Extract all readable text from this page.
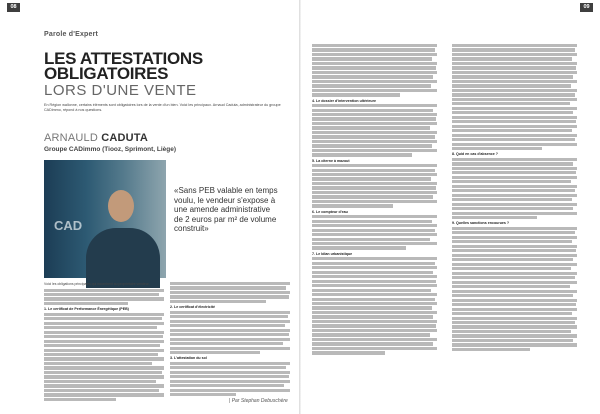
08
Parole d'Expert
LES ATTESTATIONS
OBLIGATOIRES
LORS D'UNE VENTE
En Région wallonne, certains éléments sont obligatoires lors de la vente d'un bien. Voici les principaux. Arnaud Caduta, administrateur du groupe CADimmo, répond à nos questions.
ARNAULD CADUTA
Groupe CADimmo (Tiooz, Sprimont, Liège)
CAD
«Sans PEB valable en temps voulu, le vendeur s'expose à une amende administrative de 2 euros par m² de volume construit»

Voici les obligations principales qui incombent au propriétaire vendeur.

1. Le certificat de Performance Énergétique (PEB)
2. Le certificat d'électricité
3. L'attestation du sol
09
4. Le dossier d'intervention ultérieure
5. La citerne à mazout
6. Le compteur d'eau
7. Le bilan urbanistique
8. Quid en cas d'absence ?
9. Quelles sanctions encourues ?
| Par Stephan Debuschère
